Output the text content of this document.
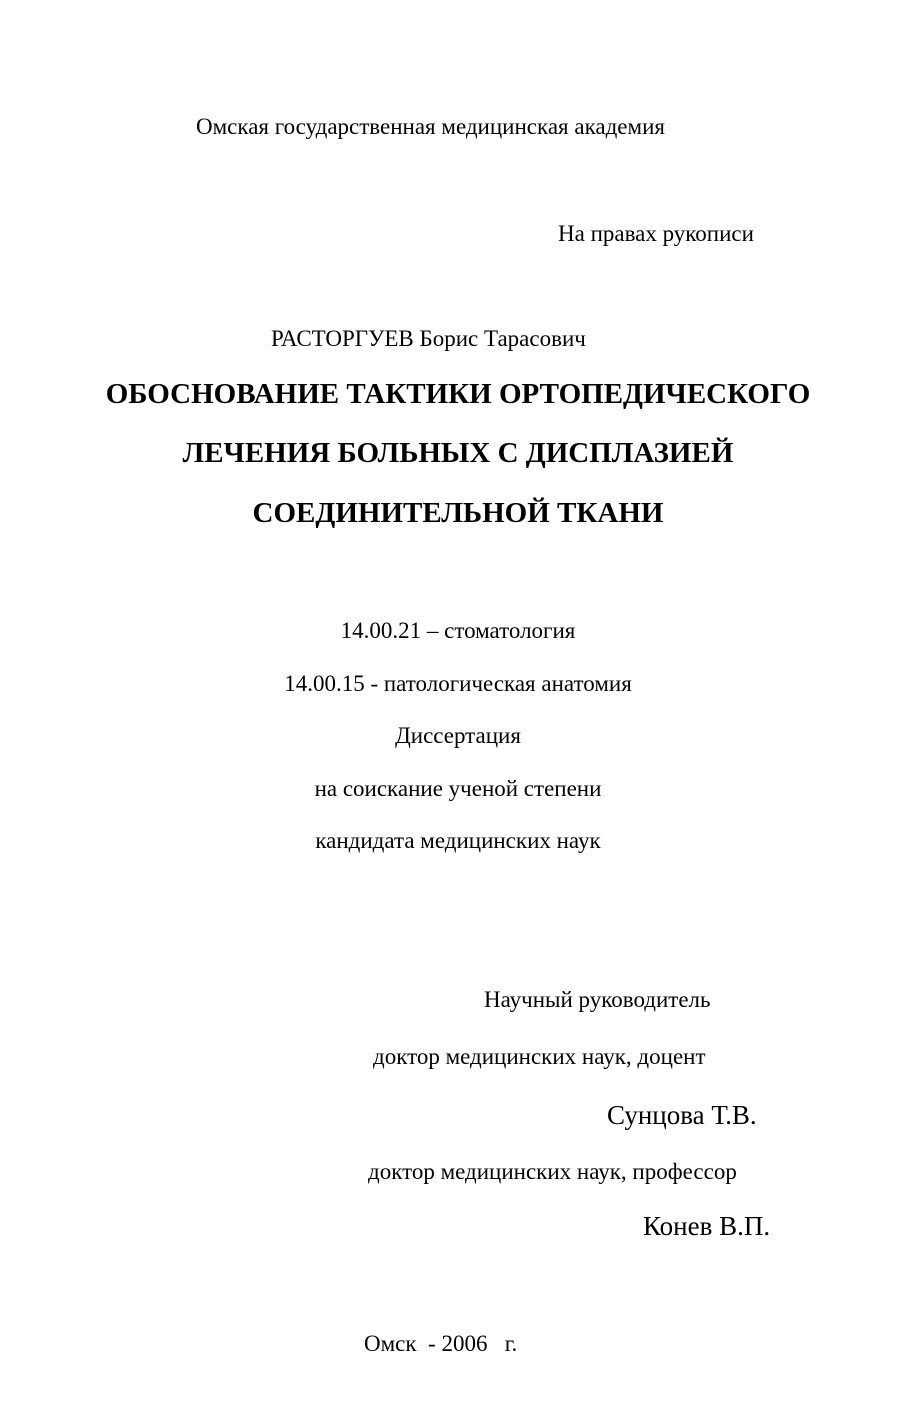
Омская государственная медицинская академия
На правах рукописи
РАСТОРГУЕВ Борис Тарасович
ОБОСНОВАНИЕ ТАКТИКИ ОРТОПЕДИЧЕСКОГО
ЛЕЧЕНИЯ БОЛЬНЫХ С ДИСПЛАЗИЕЙ
СОЕДИНИТЕЛЬНОЙ ТКАНИ
14.00.21 – стоматология
14.00.15 - патологическая анатомия
Диссертация
на соискание ученой степени
кандидата медицинских наук
Научный руководитель
доктор медицинских наук, доцент
Сунцова Т.В.
доктор медицинских наук, профессор
Конев В.П.
Омск  - 2006   г.
